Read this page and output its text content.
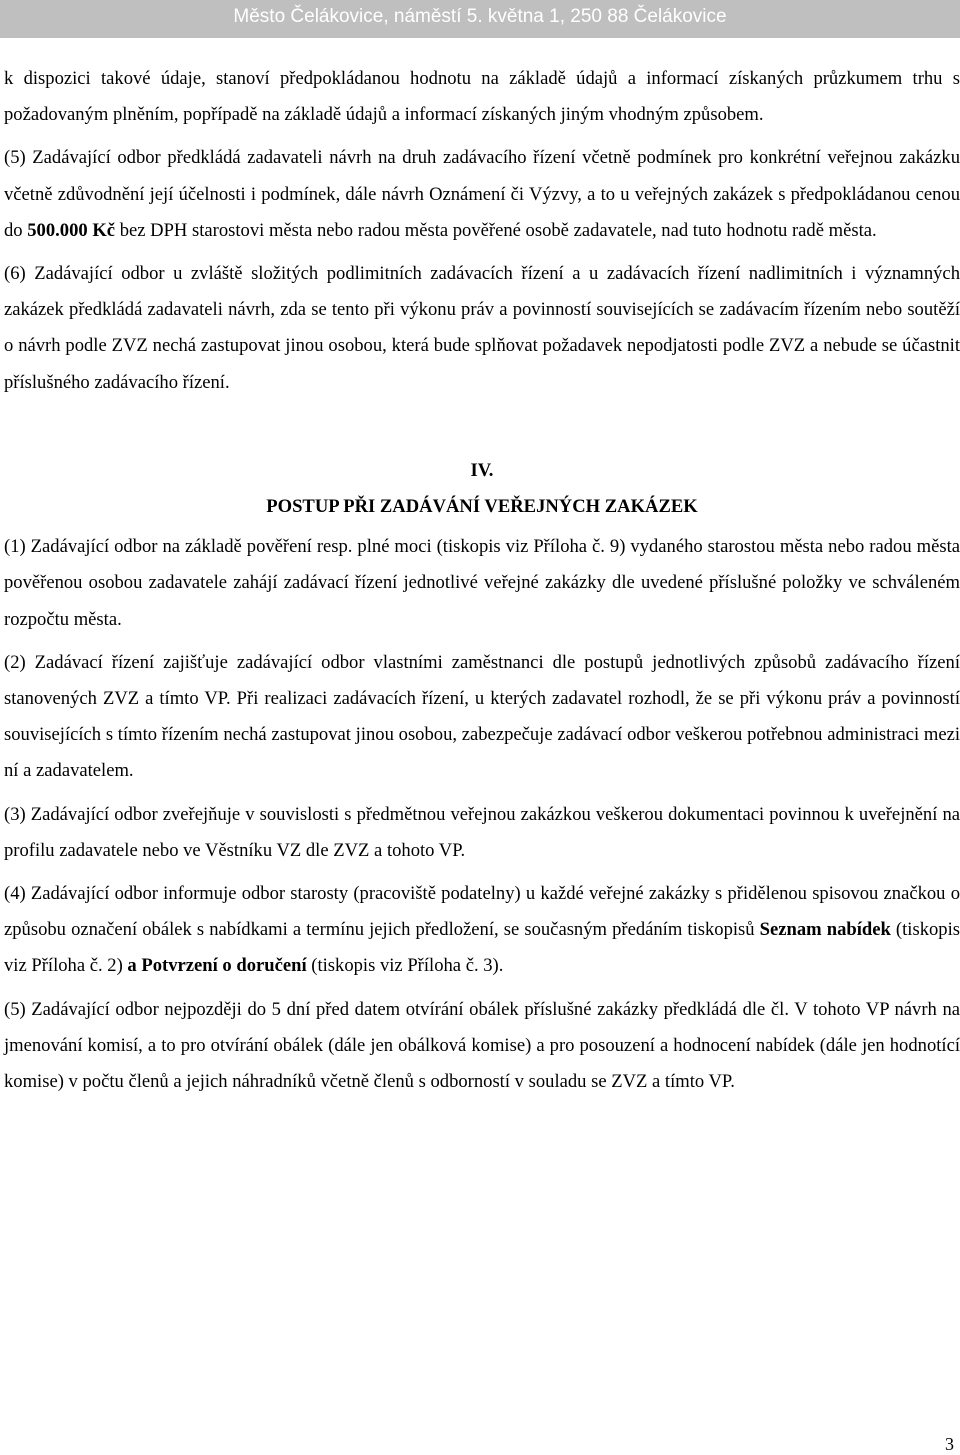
Město Čelákovice, náměstí 5. května 1, 250 88 Čelákovice

k dispozici takové údaje, stanoví předpokládanou hodnotu na základě údajů a informací získaných průzkumem trhu s požadovaným plněním, popřípadě na základě údajů a informací získaných jiným vhodným způsobem.

(5) Zadávající odbor předkládá zadavateli návrh na druh zadávacího řízení včetně podmínek pro konkrétní veřejnou zakázku včetně zdůvodnění její účelnosti i podmínek, dále návrh Oznámení či Výzvy, a to u veřejných zakázek s předpokládanou cenou do 500.000 Kč bez DPH starostovi města nebo radou města pověřené osobě zadavatele, nad tuto hodnotu radě města.

(6) Zadávající odbor u zvláště složitých podlimitních zadávacích řízení a u zadávacích řízení nadlimitních i významných zakázek předkládá zadavateli návrh, zda se tento při výkonu práv a povinností souvisejících se zadávacím řízením nebo soutěží o návrh podle ZVZ nechá zastupovat jinou osobou, která bude splňovat požadavek nepodjatosti podle ZVZ a nebude se účastnit příslušného zadávacího řízení.

IV.

POSTUP PŘI ZADÁVÁNÍ VEŘEJNÝCH ZAKÁZEK

(1) Zadávající odbor na základě pověření resp. plné moci (tiskopis viz Příloha č. 9) vydaného starostou města nebo radou města pověřenou osobou zadavatele zahájí zadávací řízení jednotlivé veřejné zakázky dle uvedené příslušné položky ve schváleném rozpočtu města.

(2) Zadávací řízení zajišťuje zadávající odbor vlastními zaměstnanci dle postupů jednotlivých způsobů zadávacího řízení stanovených ZVZ a tímto VP. Při realizaci zadávacích řízení, u kterých zadavatel rozhodl, že se při výkonu práv a povinností souvisejících s tímto řízením nechá zastupovat jinou osobou, zabezpečuje zadávací odbor veškerou potřebnou administraci mezi ní a zadavatelem.

(3) Zadávající odbor zveřejňuje v souvislosti s předmětnou veřejnou zakázkou veškerou dokumentaci povinnou k uveřejnění na profilu zadavatele nebo ve Věstníku VZ dle ZVZ a tohoto VP.

(4) Zadávající odbor informuje odbor starosty (pracoviště podatelny) u každé veřejné zakázky s přidělenou spisovou značkou o způsobu označení obálek s nabídkami a termínu jejich předložení, se současným předáním tiskopisů Seznam nabídek (tiskopis viz Příloha č. 2) a Potvrzení o doručení (tiskopis viz Příloha č. 3).

(5) Zadávající odbor nejpozději do 5 dní před datem otvírání obálek příslušné zakázky předkládá dle čl. V tohoto VP návrh na jmenování komisí, a to pro otvírání obálek (dále jen obálková komise) a pro posouzení a hodnocení nabídek (dále jen hodnotící komise) v počtu členů a jejich náhradníků včetně členů s odborností v souladu se ZVZ a tímto VP.

3
